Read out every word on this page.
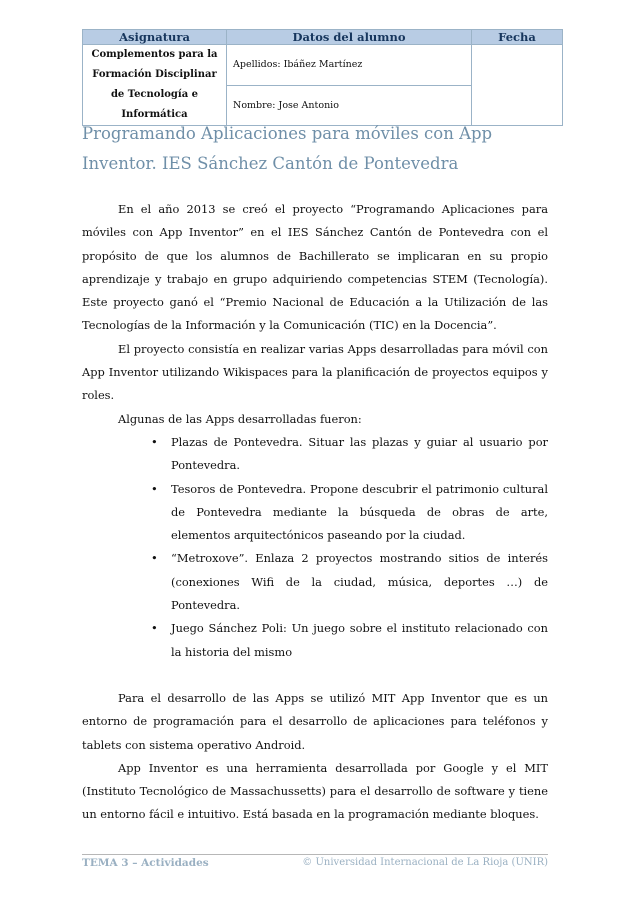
Asignatura	Datos del alumno	Fecha

Complementos para la
Formación Disciplinar
de Tecnología e
Informática	Apellidos: Ibáñez Martínez	
	Nombre: Jose Antonio	
Programando Aplicaciones para móviles con App Inventor. IES Sánchez Cantón de Pontevedra

En el año 2013 se creó el proyecto “Programando Aplicaciones para móviles con App Inventor” en el IES Sánchez Cantón de Pontevedra con el propósito de que los alumnos de Bachillerato se implicaran en su propio aprendizaje y trabajo en grupo adquiriendo competencias STEM (Tecnología). Este proyecto ganó el “Premio Nacional de Educación a la Utilización de las Tecnologías de la Información y la Comunicación (TIC) en la Docencia”.

El proyecto consistía en realizar varias Apps desarrolladas para móvil con App Inventor utilizando Wikispaces para la planificación de proyectos equipos y roles.

Algunas de las Apps desarrolladas fueron:

• Plazas de Pontevedra. Situar las plazas y guiar al usuario por Pontevedra.
• Tesoros de Pontevedra. Propone descubrir el patrimonio cultural de Pontevedra mediante la búsqueda de obras de arte, elementos arquitectónicos paseando por la ciudad.
• “Metroxove”. Enlaza 2 proyectos mostrando sitios de interés (conexiones Wifi de la ciudad, música, deportes …) de Pontevedra.
• Juego Sánchez Poli: Un juego sobre el instituto relacionado con la historia del mismo

Para el desarrollo de las Apps se utilizó MIT App Inventor que es un entorno de programación para el desarrollo de aplicaciones para teléfonos y tablets con sistema operativo Android.

App Inventor es una herramienta desarrollada por Google y el MIT (Instituto Tecnológico de Massachussetts) para el desarrollo de software y tiene un entorno fácil e intuitivo. Está basada en la programación mediante bloques.

TEMA 3 – Actividades	© Universidad Internacional de La Rioja (UNIR)
